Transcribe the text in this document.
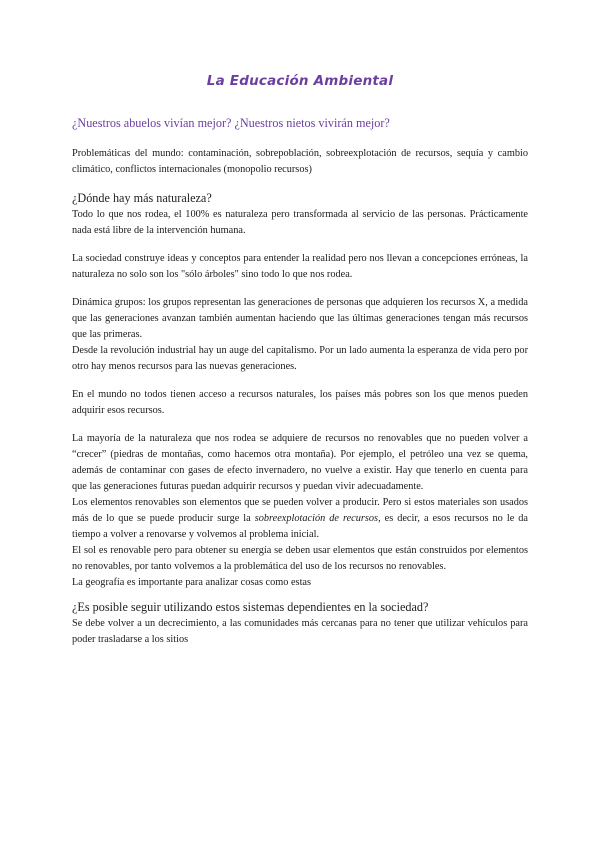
La Educación Ambiental
¿Nuestros abuelos vivían mejor? ¿Nuestros nietos vivirán mejor?

Problemáticas del mundo: contaminación, sobrepoblación, sobreexplotación de recursos, sequía y cambio climático, conflictos internacionales (monopolio recursos)

¿Dónde hay más naturaleza?

Todo lo que nos rodea, el 100% es naturaleza pero transformada al servicio de las personas. Prácticamente nada está libre de la intervención humana.

La sociedad construye ideas y conceptos para entender la realidad pero nos llevan a concepciones erróneas, la naturaleza no solo son los "sólo árboles" sino todo lo que nos rodea.

Dinámica grupos: los grupos representan las generaciones de personas que adquieren los recursos X, a medida que las generaciones avanzan también aumentan haciendo que las últimas generaciones tengan más recursos que las primeras.

Desde la revolución industrial hay un auge del capitalismo. Por un lado aumenta la esperanza de vida pero por otro hay menos recursos para las nuevas generaciones.

En el mundo no todos tienen acceso a recursos naturales, los países más pobres son los que menos pueden adquirir esos recursos.

La mayoría de la naturaleza que nos rodea se adquiere de recursos no renovables que no pueden volver a “crecer” (piedras de montañas, como hacemos otra montaña). Por ejemplo, el petróleo una vez se quema, además de contaminar con gases de efecto invernadero, no vuelve a existir. Hay que tenerlo en cuenta para que las generaciones futuras puedan adquirir recursos y puedan vivir adecuadamente.

Los elementos renovables son elementos que se pueden volver a producir. Pero si estos materiales son usados más de lo que se puede producir surge la sobreexplotación de recursos, es decir, a esos recursos no le da tiempo a volver a renovarse y volvemos al problema inicial.

El sol es renovable pero para obtener su energía se deben usar elementos que están construidos por elementos no renovables, por tanto volvemos a la problemática del uso de los recursos no renovables.

La geografía es importante para analizar cosas como estas

¿Es posible seguir utilizando estos sistemas dependientes en la sociedad?

Se debe volver a un decrecimiento, a las comunidades más cercanas para no tener que utilizar vehículos para poder trasladarse a los sitios
